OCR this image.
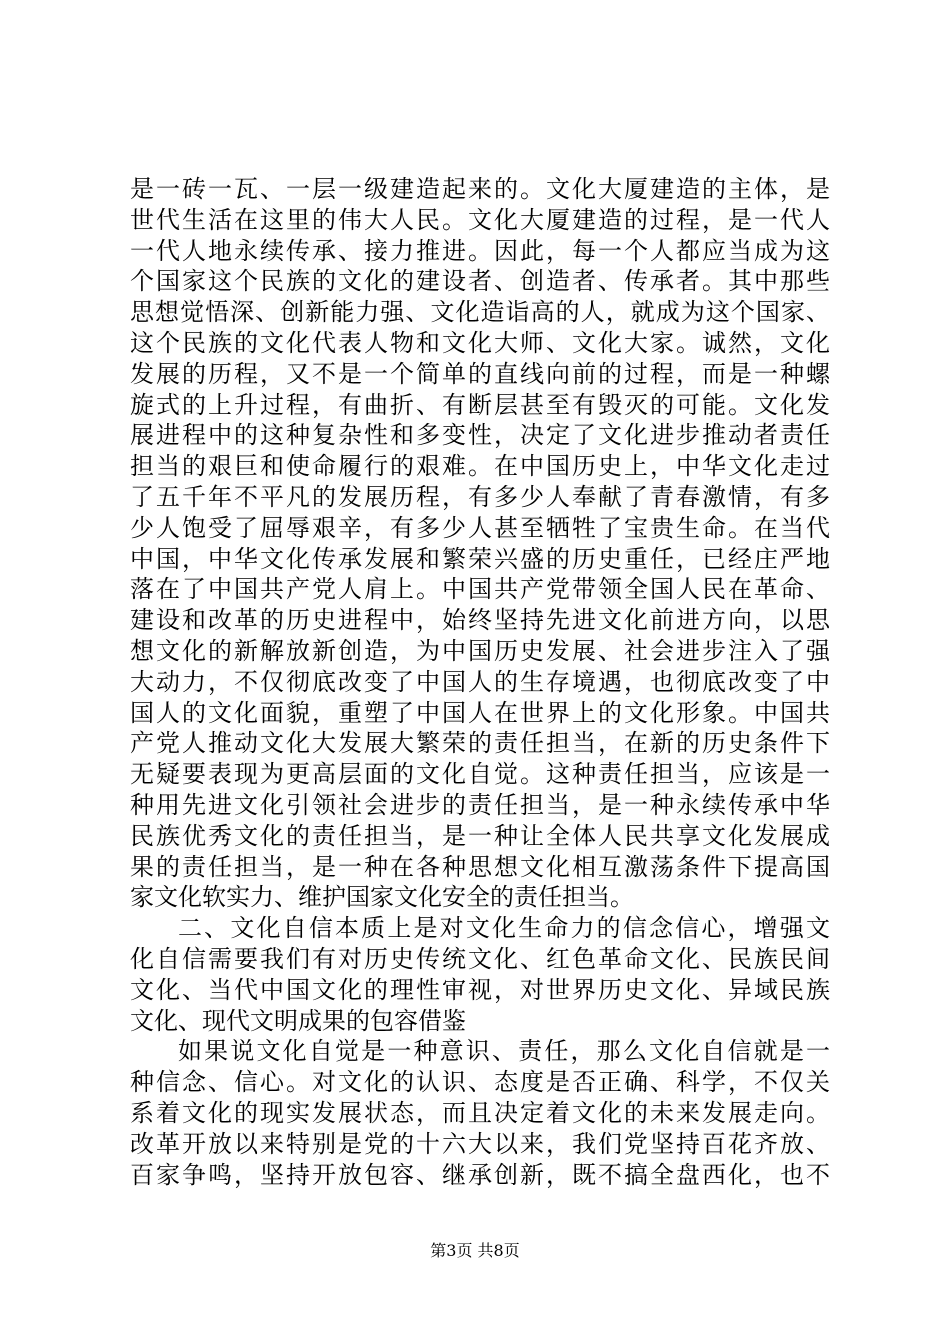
是一砖一瓦、一层一级建造起来的。文化大厦建造的主体，是
世代生活在这里的伟大人民。文化大厦建造的过程，是一代人
一代人地永续传承、接力推进。因此，每一个人都应当成为这
个国家这个民族的文化的建设者、创造者、传承者。其中那些
思想觉悟深、创新能力强、文化造诣高的人，就成为这个国家、
这个民族的文化代表人物和文化大师、文化大家。诚然，文化
发展的历程，又不是一个简单的直线向前的过程，而是一种螺
旋式的上升过程，有曲折、有断层甚至有毁灭的可能。文化发
展进程中的这种复杂性和多变性，决定了文化进步推动者责任
担当的艰巨和使命履行的艰难。在中国历史上，中华文化走过
了五千年不平凡的发展历程，有多少人奉献了青春激情，有多
少人饱受了屈辱艰辛，有多少人甚至牺牲了宝贵生命。在当代
中国，中华文化传承发展和繁荣兴盛的历史重任，已经庄严地
落在了中国共产党人肩上。中国共产党带领全国人民在革命、
建设和改革的历史进程中，始终坚持先进文化前进方向，以思
想文化的新解放新创造，为中国历史发展、社会进步注入了强
大动力，不仅彻底改变了中国人的生存境遇，也彻底改变了中
国人的文化面貌，重塑了中国人在世界上的文化形象。中国共
产党人推动文化大发展大繁荣的责任担当，在新的历史条件下
无疑要表现为更高层面的文化自觉。这种责任担当，应该是一
种用先进文化引领社会进步的责任担当，是一种永续传承中华
民族优秀文化的责任担当，是一种让全体人民共享文化发展成
果的责任担当，是一种在各种思想文化相互激荡条件下提高国
家文化软实力、维护国家文化安全的责任担当。
二、文化自信本质上是对文化生命力的信念信心，增强文
化自信需要我们有对历史传统文化、红色革命文化、民族民间
文化、当代中国文化的理性审视，对世界历史文化、异域民族
文化、现代文明成果的包容借鉴
如果说文化自觉是一种意识、责任，那么文化自信就是一
种信念、信心。对文化的认识、态度是否正确、科学，不仅关
系着文化的现实发展状态，而且决定着文化的未来发展走向。
改革开放以来特别是党的十六大以来，我们党坚持百花齐放、
百家争鸣，坚持开放包容、继承创新，既不搞全盘西化，也不
第3页 共8页
